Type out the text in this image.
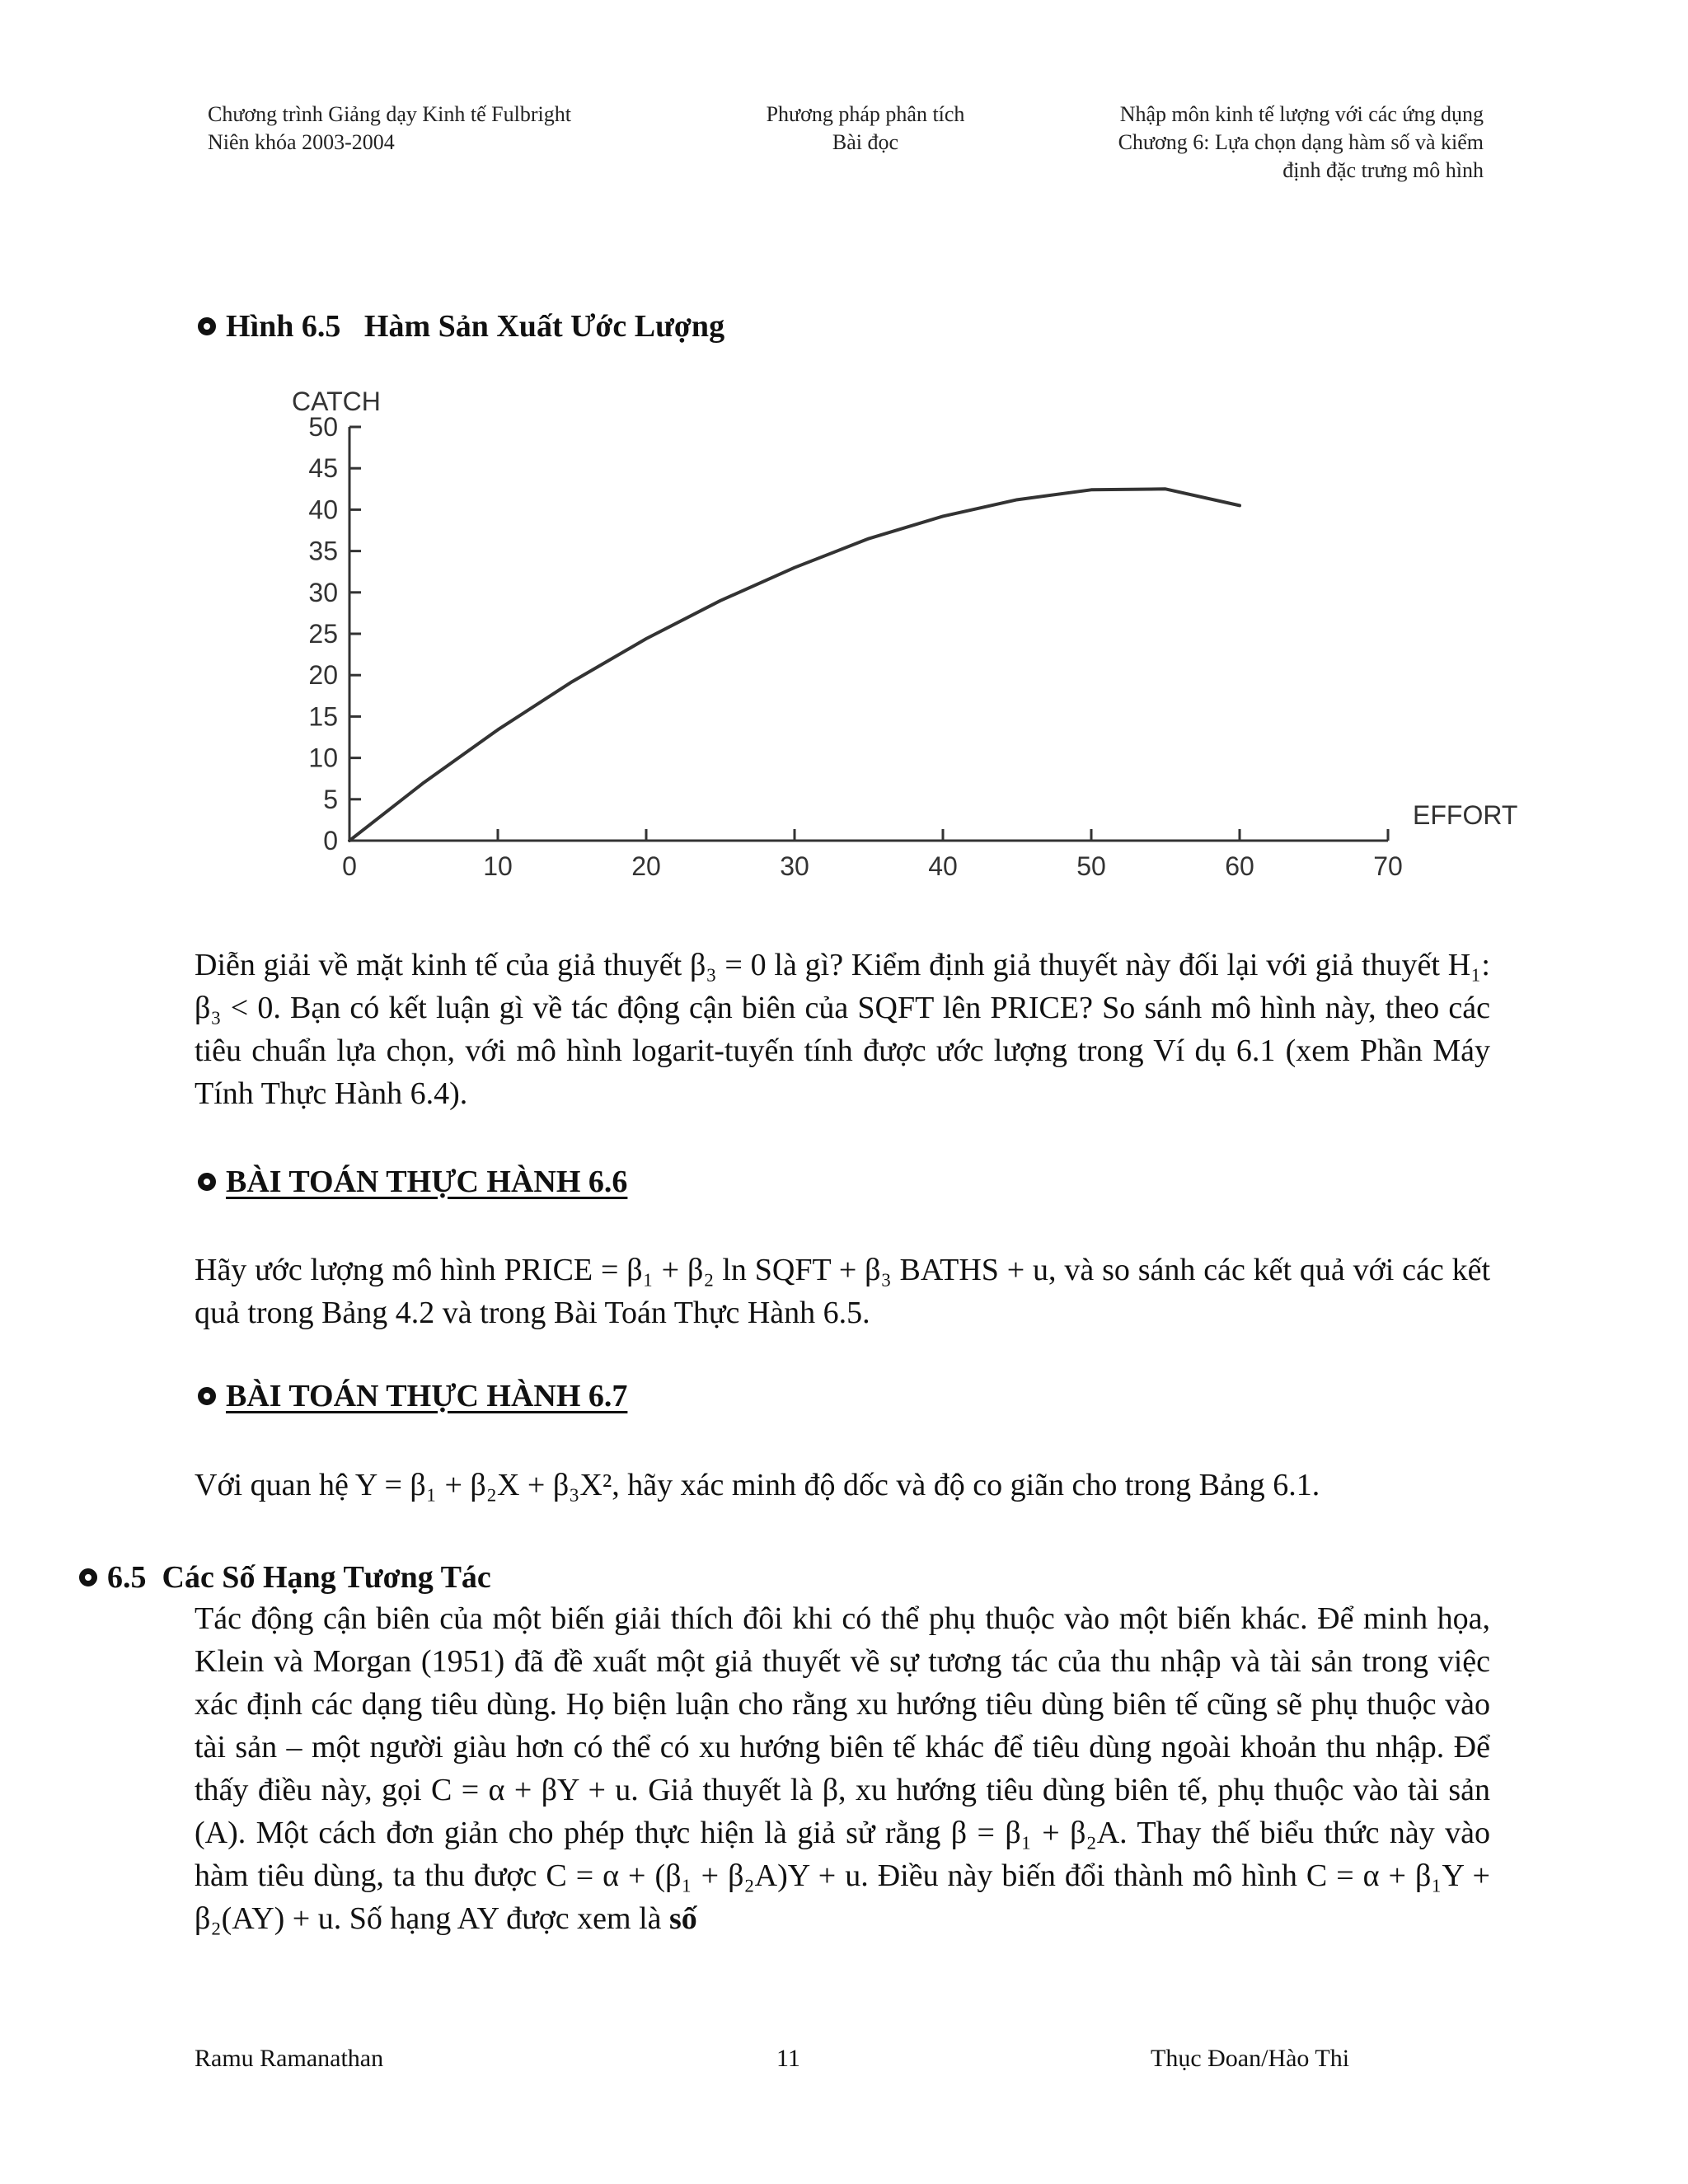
Chương trình Giảng dạy Kinh tế Fulbright
Niên khóa 2003-2004
Phương pháp phân tích
Bài đọc
Nhập môn kinh tế lượng với các ứng dụng
Chương 6: Lựa chọn dạng hàm số và kiểm
định đặc trưng mô hình
Hình 6.5   Hàm Sản Xuất Ước Lượng
CATCH
EFFORT
0	10	20	30	40	50	60	70
0
5
10
15
20
25
30
35
40
45
50

Diễn giải về mặt kinh tế của giả thuyết β₃ = 0 là gì? Kiểm định giả thuyết này đối lại với giả thuyết H₁: β₃ < 0. Bạn có kết luận gì về tác động cận biên của SQFT lên PRICE? So sánh mô hình này, theo các tiêu chuẩn lựa chọn, với mô hình logarit-tuyến tính được ước lượng trong Ví dụ 6.1 (xem Phần Máy Tính Thực Hành 6.4).

BÀI TOÁN THỰC HÀNH 6.6

Hãy ước lượng mô hình PRICE = β₁ + β₂ ln SQFT + β₃ BATHS + u, và so sánh các kết quả với các kết quả trong Bảng 4.2 và trong Bài Toán Thực Hành 6.5.

BÀI TOÁN THỰC HÀNH 6.7

Với quan hệ Y = β₁ + β₂X + β₃X², hãy xác minh độ dốc và độ co giãn cho trong Bảng 6.1.

6.5  Các Số Hạng Tương Tác

Tác động cận biên của một biến giải thích đôi khi có thể phụ thuộc vào một biến khác. Để minh họa, Klein và Morgan (1951) đã đề xuất một giả thuyết về sự tương tác của thu nhập và tài sản trong việc xác định các dạng tiêu dùng. Họ biện luận cho rằng xu hướng tiêu dùng biên tế cũng sẽ phụ thuộc vào tài sản – một người giàu hơn có thể có xu hướng biên tế khác để tiêu dùng ngoài khoản thu nhập. Để thấy điều này, gọi C = α + βY + u. Giả thuyết là β, xu hướng tiêu dùng biên tế, phụ thuộc vào tài sản (A). Một cách đơn giản cho phép thực hiện là giả sử rằng β = β₁ + β₂A. Thay thế biểu thức này vào hàm tiêu dùng, ta thu được C = α + (β₁ + β₂A)Y + u. Điều này biến đổi thành mô hình C = α + β₁Y + β₂(AY) + u. Số hạng AY được xem là số

Ramu Ramanathan	11	Thục Đoan/Hào Thi
